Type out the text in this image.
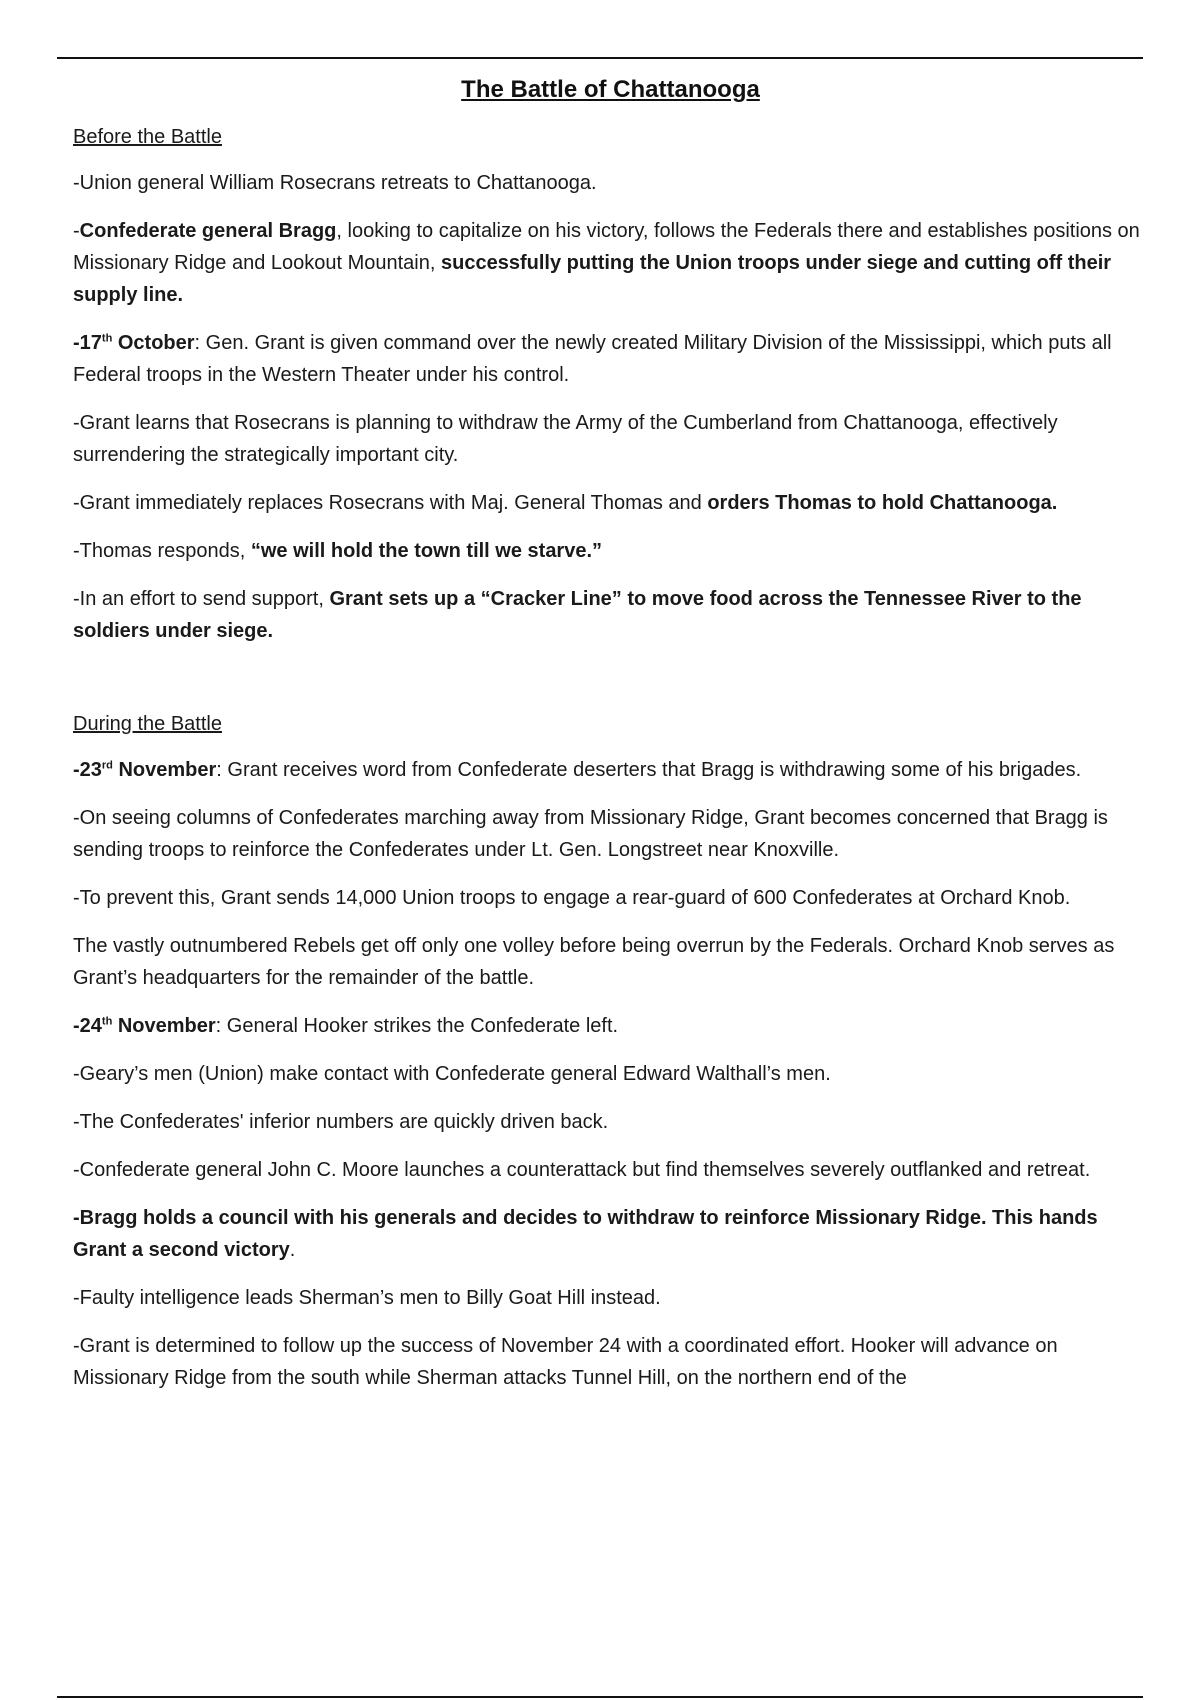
The Battle of Chattanooga
Before the Battle

-Union general William Rosecrans retreats to Chattanooga.

-Confederate general Bragg, looking to capitalize on his victory, follows the Federals there and establishes positions on Missionary Ridge and Lookout Mountain, successfully putting the Union troops under siege and cutting off their supply line.

-17th October: Gen. Grant is given command over the newly created Military Division of the Mississippi, which puts all Federal troops in the Western Theater under his control.

-Grant learns that Rosecrans is planning to withdraw the Army of the Cumberland from Chattanooga, effectively surrendering the strategically important city.

-Grant immediately replaces Rosecrans with Maj. General Thomas and orders Thomas to hold Chattanooga.

-Thomas responds, “we will hold the town till we starve.”

-In an effort to send support, Grant sets up a “Cracker Line” to move food across the Tennessee River to the soldiers under siege.

During the Battle

-23rd November: Grant receives word from Confederate deserters that Bragg is withdrawing some of his brigades.

-On seeing columns of Confederates marching away from Missionary Ridge, Grant becomes concerned that Bragg is sending troops to reinforce the Confederates under Lt. Gen. Longstreet near Knoxville.

-To prevent this, Grant sends 14,000 Union troops to engage a rear-guard of 600 Confederates at Orchard Knob.

The vastly outnumbered Rebels get off only one volley before being overrun by the Federals. Orchard Knob serves as Grant’s headquarters for the remainder of the battle.

-24th November: General Hooker strikes the Confederate left.

-Geary’s men (Union) make contact with Confederate general Edward Walthall’s men.

-The Confederates' inferior numbers are quickly driven back.

-Confederate general John C. Moore launches a counterattack but find themselves severely outflanked and retreat.

-Bragg holds a council with his generals and decides to withdraw to reinforce Missionary Ridge. This hands Grant a second victory.

-Faulty intelligence leads Sherman’s men to Billy Goat Hill instead.

-Grant is determined to follow up the success of November 24 with a coordinated effort. Hooker will advance on Missionary Ridge from the south while Sherman attacks Tunnel Hill, on the northern end of the
